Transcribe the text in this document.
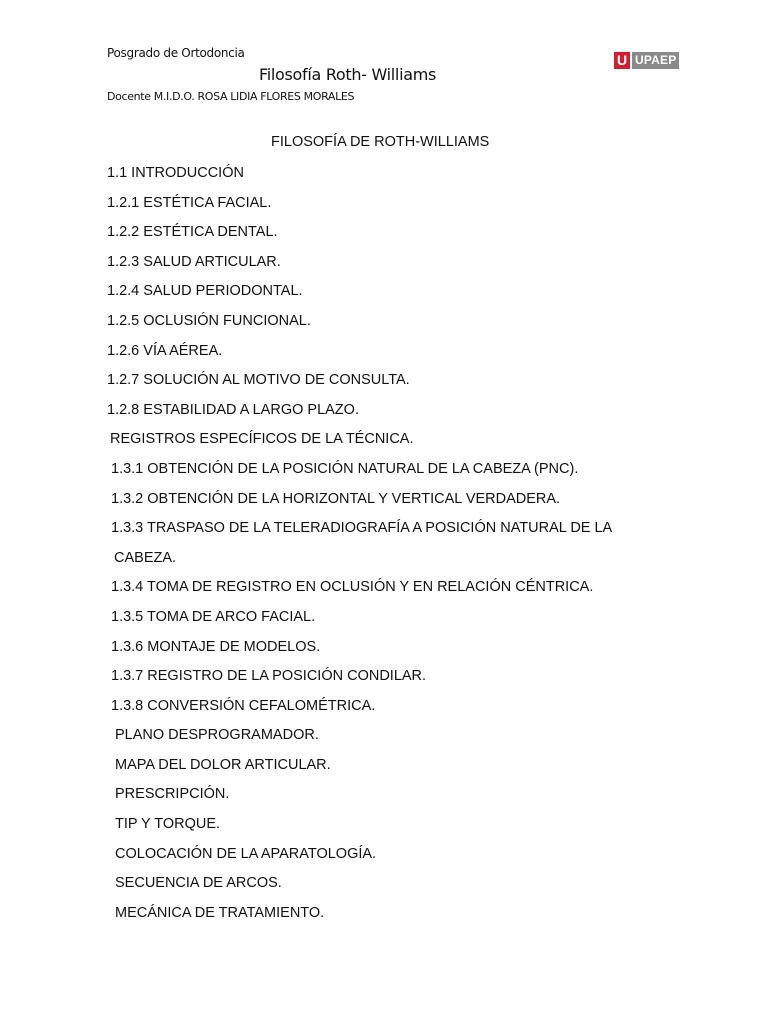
Posgrado de Ortodoncia
Filosofía Roth- Williams
Docente M.I.D.O. ROSA LIDIA FLORES MORALES
U UPAEP
FILOSOFÍA DE ROTH-WILLIAMS
1.1 INTRODUCCIÓN
1.2.1 ESTÉTICA FACIAL.
1.2.2 ESTÉTICA DENTAL.
1.2.3 SALUD ARTICULAR.
1.2.4 SALUD PERIODONTAL.
1.2.5 OCLUSIÓN FUNCIONAL.
1.2.6 VÍA AÉREA.
1.2.7 SOLUCIÓN AL MOTIVO DE CONSULTA.
1.2.8 ESTABILIDAD A LARGO PLAZO.
REGISTROS ESPECÍFICOS DE LA TÉCNICA.
1.3.1 OBTENCIÓN DE LA POSICIÓN NATURAL DE LA CABEZA (PNC).
1.3.2 OBTENCIÓN DE LA HORIZONTAL Y VERTICAL VERDADERA.
1.3.3 TRASPASO DE LA TELERADIOGRAFÍA A POSICIÓN NATURAL DE LA
CABEZA.
1.3.4 TOMA DE REGISTRO EN OCLUSIÓN Y EN RELACIÓN CÉNTRICA.
1.3.5 TOMA DE ARCO FACIAL.
1.3.6 MONTAJE DE MODELOS.
1.3.7 REGISTRO DE LA POSICIÓN CONDILAR.
1.3.8 CONVERSIÓN CEFALOMÉTRICA.
PLANO DESPROGRAMADOR.
MAPA DEL DOLOR ARTICULAR.
PRESCRIPCIÓN.
TIP Y TORQUE.
COLOCACIÓN DE LA APARATOLOGÍA.
SECUENCIA DE ARCOS.
MECÁNICA DE TRATAMIENTO.
